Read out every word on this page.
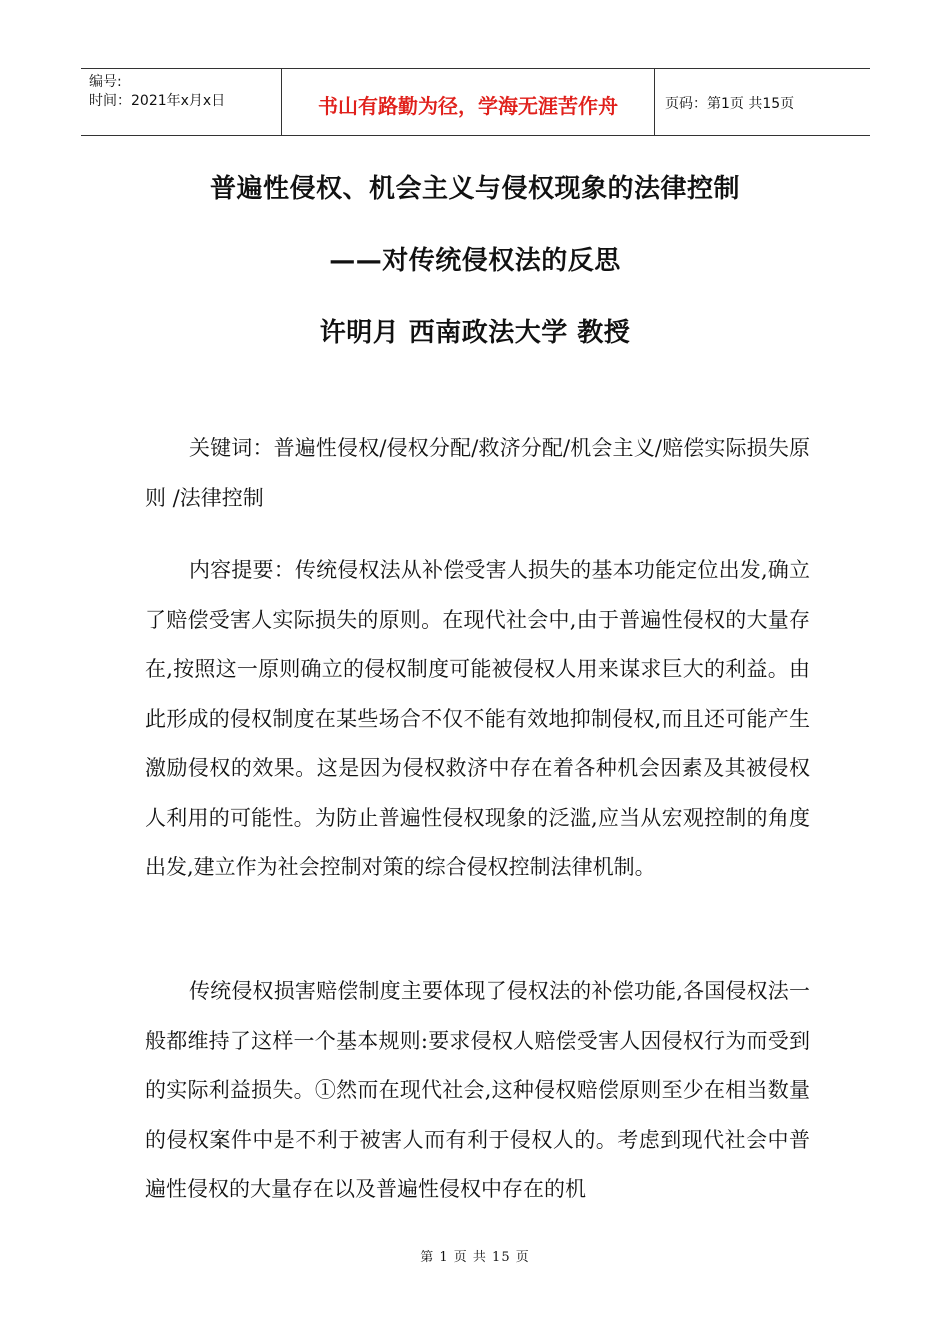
编号:
时间：2021年x月x日	书山有路勤为径，学海无涯苦作舟	页码：第1页 共15页
普遍性侵权、机会主义与侵权现象的法律控制
——对传统侵权法的反思
许明月 西南政法大学 教授

关键词：普遍性侵权/侵权分配/救济分配/机会主义/赔偿实际损失原则 /法律控制

内容提要：传统侵权法从补偿受害人损失的基本功能定位出发,确立了赔偿受害人实际损失的原则。在现代社会中,由于普遍性侵权的大量存在,按照这一原则确立的侵权制度可能被侵权人用来谋求巨大的利益。由此形成的侵权制度在某些场合不仅不能有效地抑制侵权,而且还可能产生激励侵权的效果。这是因为侵权救济中存在着各种机会因素及其被侵权人利用的可能性。为防止普遍性侵权现象的泛滥,应当从宏观控制的角度出发,建立作为社会控制对策的综合侵权控制法律机制。

传统侵权损害赔偿制度主要体现了侵权法的补偿功能,各国侵权法一般都维持了这样一个基本规则:要求侵权人赔偿受害人因侵权行为而受到的实际利益损失。①然而在现代社会,这种侵权赔偿原则至少在相当数量的侵权案件中是不利于被害人而有利于侵权人的。考虑到现代社会中普遍性侵权的大量存在以及普遍性侵权中存在的机

第 1 页 共 15 页
